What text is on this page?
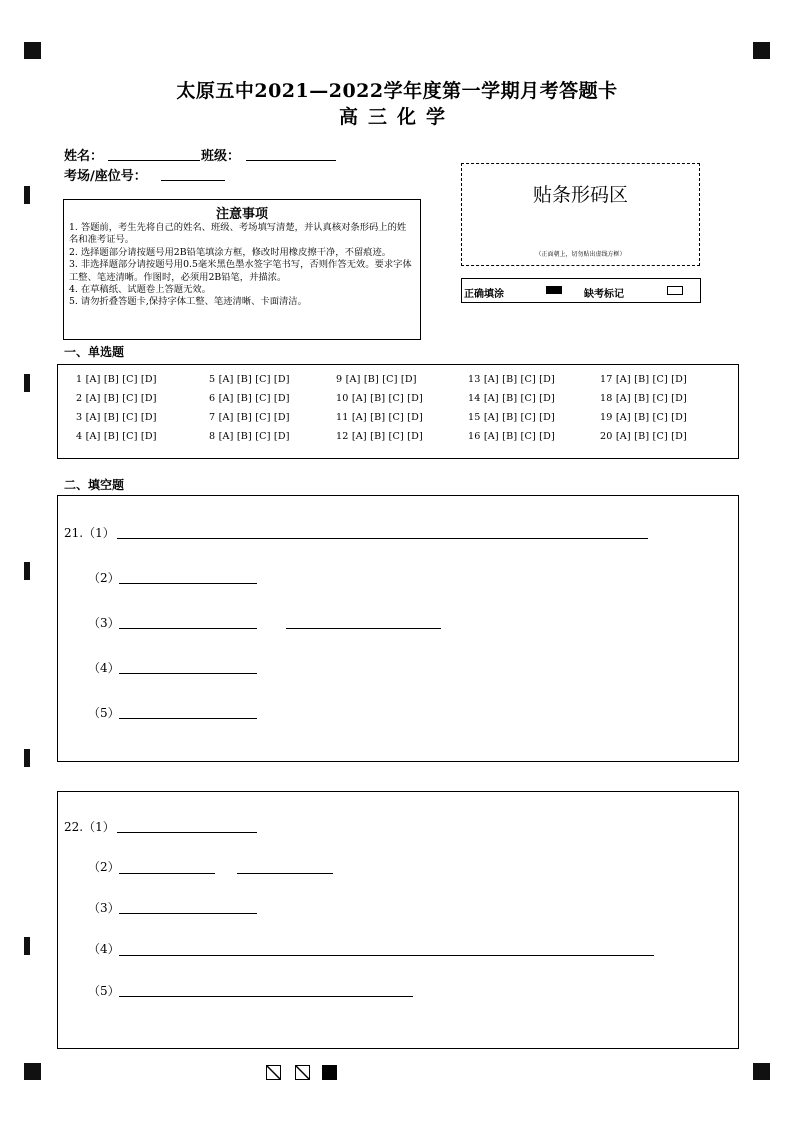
太原五中2021—2022学年度第一学期月考答题卡
高三化学
姓名：	班级：
考场/座位号：
注意事项
1. 答题前，考生先将自己的姓名、班级、考场填写清楚，并认真核对条形码上的姓名和准考证号。
2. 选择题部分请按题号用2B铅笔填涂方框，修改时用橡皮擦干净，不留痕迹。
3. 非选择题部分请按题号用0.5毫米黑色墨水签字笔书写，否则作答无效。要求字体工整、笔迹清晰。作图时，必须用2B铅笔，并描浓。
4. 在草稿纸、试题卷上答题无效。
5. 请勿折叠答题卡,保持字体工整、笔迹清晰、卡面清洁。
贴条形码区
（正面朝上，切勿贴出虚线方框）
正确填涂	缺考标记
一、单选题
1 [A] [B] [C] [D]
2 [A] [B] [C] [D]
3 [A] [B] [C] [D]
4 [A] [B] [C] [D]
5 [A] [B] [C] [D]
6 [A] [B] [C] [D]
7 [A] [B] [C] [D]
8 [A] [B] [C] [D]
9 [A] [B] [C] [D]
10 [A] [B] [C] [D]
11 [A] [B] [C] [D]
12 [A] [B] [C] [D]
13 [A] [B] [C] [D]
14 [A] [B] [C] [D]
15 [A] [B] [C] [D]
16 [A] [B] [C] [D]
17 [A] [B] [C] [D]
18 [A] [B] [C] [D]
19 [A] [B] [C] [D]
20 [A] [B] [C] [D]
二、填空题
21.（1）
（2）
（3）
（4）
（5）
22.（1）
（2）
（3）
（4）
（5）
